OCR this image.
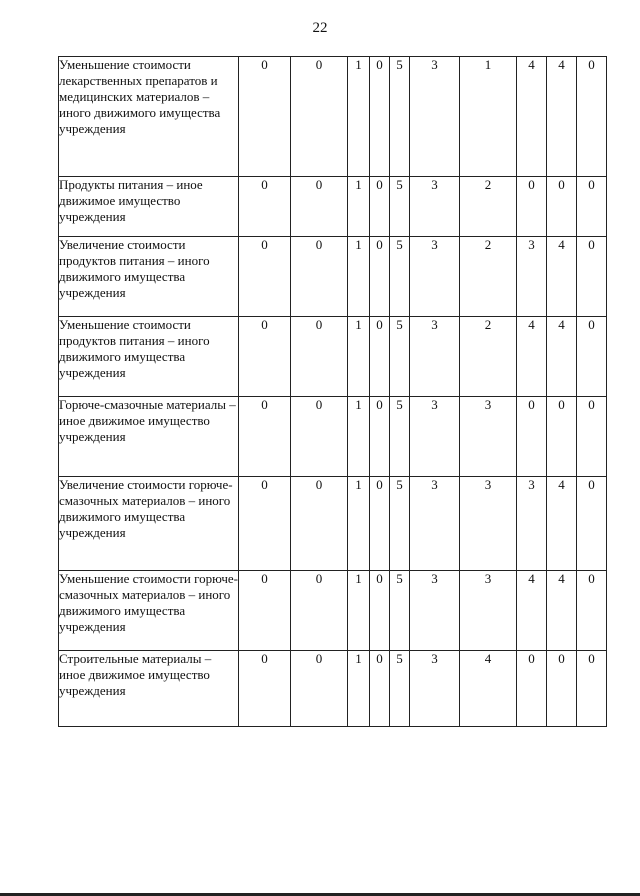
22
Уменьшение стоимости лекарственных препаратов и медицинских материалов – иного движимого имущества учреждения	0	0	1	0	5	3	1	4	4	0
Продукты питания – иное движимое имущество учреждения	0	0	1	0	5	3	2	0	0	0
Увеличение стоимости продуктов питания – иного движимого имущества учреждения	0	0	1	0	5	3	2	3	4	0
Уменьшение стоимости продуктов питания – иного движимого имущества учреждения	0	0	1	0	5	3	2	4	4	0
Горюче-смазочные материалы – иное движимое имущество учреждения	0	0	1	0	5	3	3	0	0	0
Увеличение стоимости горюче-смазочных материалов – иного движимого имущества учреждения	0	0	1	0	5	3	3	3	4	0
Уменьшение стоимости горюче-смазочных материалов – иного движимого имущества учреждения	0	0	1	0	5	3	3	4	4	0
Строительные материалы – иное движимое имущество учреждения	0	0	1	0	5	3	4	0	0	0
